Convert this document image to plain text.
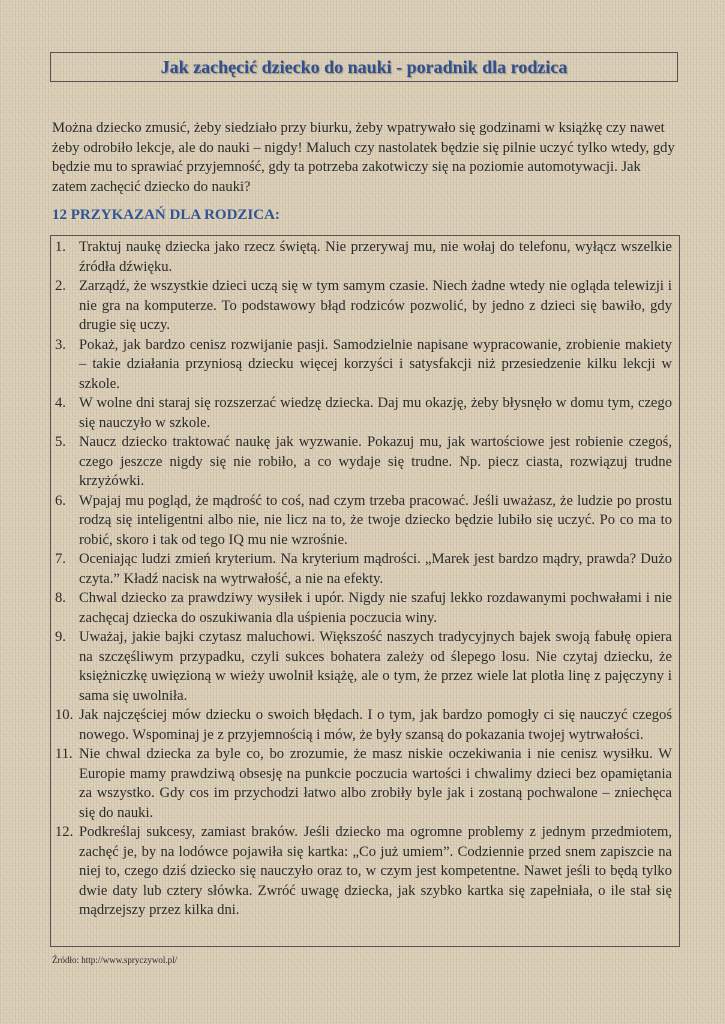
Jak zachęcić dziecko do nauki - poradnik dla rodzica

Można dziecko zmusić, żeby siedziało przy biurku, żeby wpatrywało się godzinami w książkę czy nawet żeby odrobiło lekcje, ale do nauki – nigdy! Maluch czy nastolatek będzie się pilnie uczyć tylko wtedy, gdy będzie mu to sprawiać przyjemność, gdy ta potrzeba zakotwiczy się na poziomie automotywacji. Jak zatem zachęcić dziecko do nauki?

12 PRZYKAZAŃ DLA RODZICA:

1. Traktuj naukę dziecka jako rzecz świętą. Nie przerywaj mu, nie wołaj do telefonu, wyłącz wszelkie źródła dźwięku.
2. Zarządź, że wszystkie dzieci uczą się w tym samym czasie. Niech żadne wtedy nie ogląda telewizji i nie gra na komputerze. To podstawowy błąd rodziców pozwolić, by jedno z dzieci się bawiło, gdy drugie się uczy.
3. Pokaż, jak bardzo cenisz rozwijanie pasji. Samodzielnie napisane wypracowanie, zrobienie makiety – takie działania przyniosą dziecku więcej korzyści i satysfakcji niż przesiedzenie kilku lekcji w szkole.
4. W wolne dni staraj się rozszerzać wiedzę dziecka. Daj mu okazję, żeby błysnęło w domu tym, czego się nauczyło w szkole.
5. Naucz dziecko traktować naukę jak wyzwanie. Pokazuj mu, jak wartościowe jest robienie czegoś, czego jeszcze nigdy się nie robiło, a co wydaje się trudne. Np. piecz ciasta, rozwiązuj trudne krzyżówki.
6. Wpajaj mu pogląd, że mądrość to coś, nad czym trzeba pracować. Jeśli uważasz, że ludzie po prostu rodzą się inteligentni albo nie, nie licz na to, że twoje dziecko będzie lubiło się uczyć. Po co ma to robić, skoro i tak od tego IQ mu nie wzrośnie.
7. Oceniając ludzi zmień kryterium. Na kryterium mądrości. „Marek jest bardzo mądry, prawda? Dużo czyta.” Kładź nacisk na wytrwałość, a nie na efekty.
8. Chwal dziecko za prawdziwy wysiłek i upór. Nigdy nie szafuj lekko rozdawanymi pochwałami i nie zachęcaj dziecka do oszukiwania dla uśpienia poczucia winy.
9. Uważaj, jakie bajki czytasz maluchowi. Większość naszych tradycyjnych bajek swoją fabułę opiera na szczęśliwym przypadku, czyli sukces bohatera zależy od ślepego losu. Nie czytaj dziecku, że księżniczkę uwięzioną w wieży uwolnił książę, ale o tym, że przez wiele lat plotła linę z pajęczyny i sama się uwolniła.
10. Jak najczęściej mów dziecku o swoich błędach. I o tym, jak bardzo pomogły ci się nauczyć czegoś nowego. Wspominaj je z przyjemnością i mów, że były szansą do pokazania twojej wytrwałości.
11. Nie chwal dziecka za byle co, bo zrozumie, że masz niskie oczekiwania i nie cenisz wysiłku. W Europie mamy prawdziwą obsesję na punkcie poczucia wartości i chwalimy dzieci bez opamiętania za wszystko. Gdy cos im przychodzi łatwo albo zrobiły byle jak i zostaną pochwalone – zniechęca się do nauki.
12. Podkreślaj sukcesy, zamiast braków. Jeśli dziecko ma ogromne problemy z jednym przedmiotem, zachęć je, by na lodówce pojawiła się kartka: „Co już umiem”. Codziennie przed snem zapiszcie na niej to, czego dziś dziecko się nauczyło oraz to, w czym jest kompetentne. Nawet jeśli to będą tylko dwie daty lub cztery słówka. Zwróć uwagę dziecka, jak szybko kartka się zapełniała, o ile stał się mądrzejszy przez kilka dni.
Źródło: http://www.spryczywol.pl/
